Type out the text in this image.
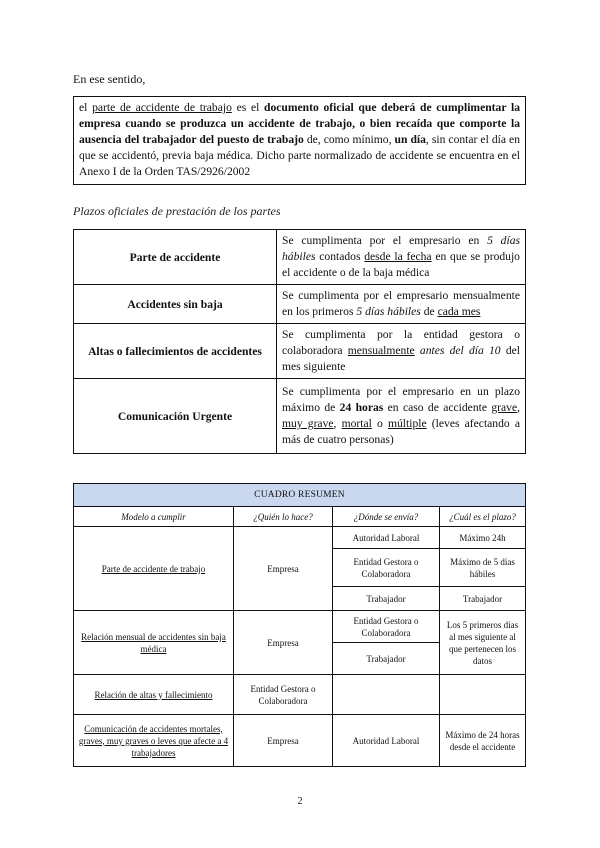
En ese sentido,
el parte de accidente de trabajo es el documento oficial que deberá de cumplimentar la empresa cuando se produzca un accidente de trabajo, o bien recaída que comporte la ausencia del trabajador del puesto de trabajo de, como mínimo, un día, sin contar el día en que se accidentó, previa baja médica. Dicho parte normalizado de accidente se encuentra en el Anexo I de la Orden TAS/2926/2002
Plazos oficiales de prestación de los partes
Parte de accidente	Se cumplimenta por el empresario en 5 días hábiles contados desde la fecha en que se produjo el accidente o de la baja médica
Accidentes sin baja	Se cumplimenta por el empresario mensualmente en los primeros 5 días hábiles de cada mes
Altas o fallecimientos de accidentes	Se cumplimenta por la entidad gestora o colaboradora mensualmente antes del día 10 del mes siguiente
Comunicación Urgente	Se cumplimenta por el empresario en un plazo máximo de 24 horas en caso de accidente grave, muy grave, mortal o múltiple (leves afectando a más de cuatro personas)
CUADRO RESUMEN			
Modelo a cumplir	¿Quién lo hace?	¿Dónde se envía?	¿Cuál es el plazo?
Parte de accidente de trabajo	Empresa	Autoridad Laboral	Máximo 24h
		Entidad Gestora o Colaboradora	Máximo de 5 días hábiles
		Trabajador	Trabajador
Relación mensual de accidentes sin baja médica	Empresa	Entidad Gestora o Colaboradora	Los 5 primeros días al mes siguiente al que pertenecen los datos
		Trabajador	
Relación de altas y fallecimiento	Entidad Gestora o Colaboradora		
Comunicación de accidentes mortales, graves, muy graves o leves que afecte a 4 trabajadores	Empresa	Autoridad Laboral	Máximo de 24 horas desde el accidente
2
